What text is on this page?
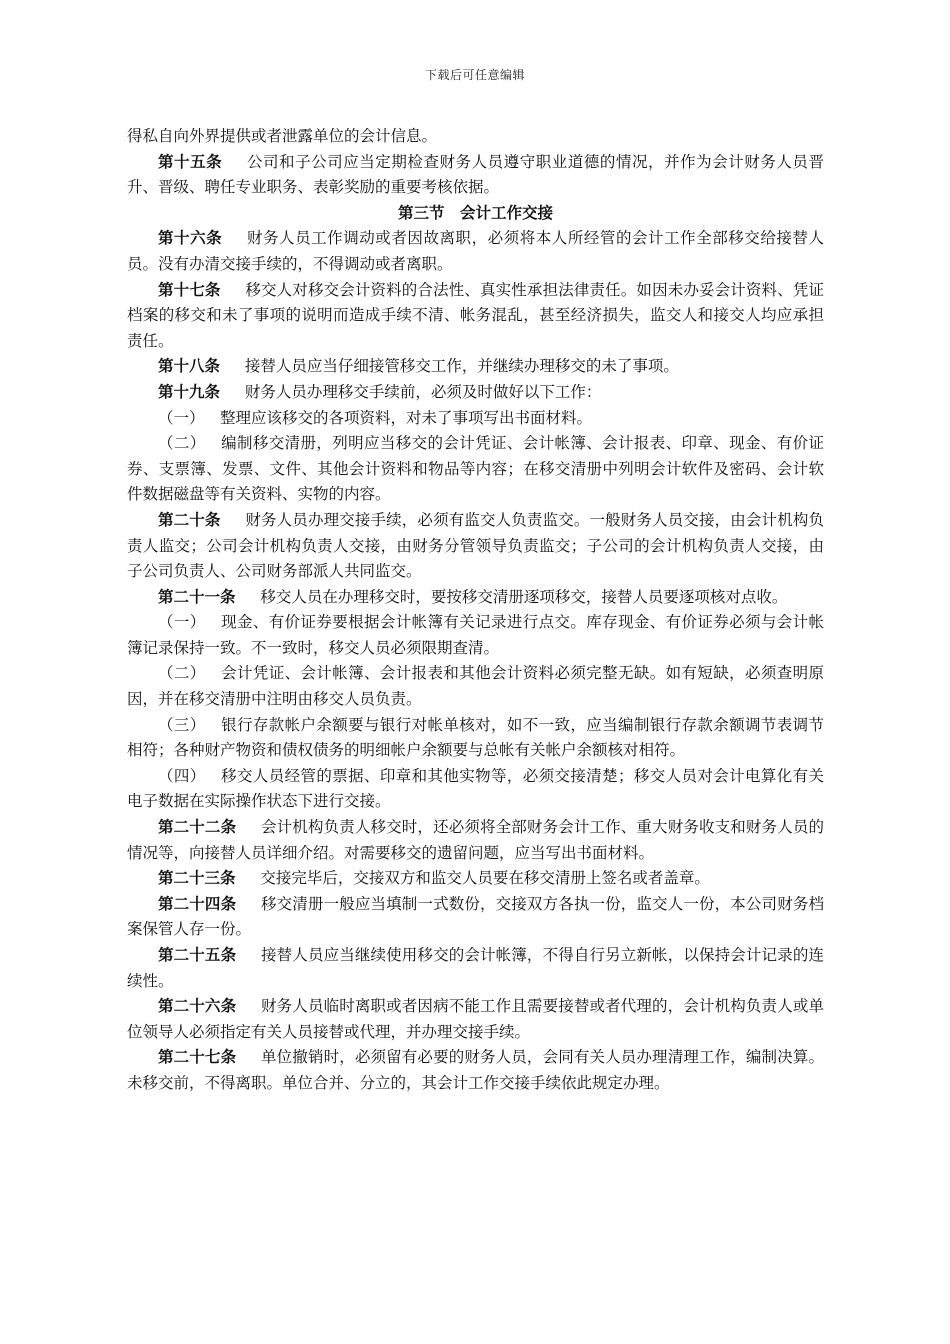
下载后可任意编辑

得私自向外界提供或者泄露单位的会计信息。

第十五条 公司和子公司应当定期检查财务人员遵守职业道德的情况，并作为会计财务人员晋升、晋级、聘任专业职务、表彰奖励的重要考核依据。

第三节　会计工作交接

第十六条 财务人员工作调动或者因故离职，必须将本人所经管的会计工作全部移交给接替人员。没有办清交接手续的，不得调动或者离职。

第十七条 移交人对移交会计资料的合法性、真实性承担法律责任。如因未办妥会计资料、凭证档案的移交和未了事项的说明而造成手续不清、帐务混乱，甚至经济损失，监交人和接交人均应承担责任。

第十八条 接替人员应当仔细接管移交工作，并继续办理移交的未了事项。

第十九条 财务人员办理移交手续前，必须及时做好以下工作：

（一） 整理应该移交的各项资料，对未了事项写出书面材料。

（二） 编制移交清册，列明应当移交的会计凭证、会计帐簿、会计报表、印章、现金、有价证券、支票簿、发票、文件、其他会计资料和物品等内容；在移交清册中列明会计软件及密码、会计软件数据磁盘等有关资料、实物的内容。

第二十条 财务人员办理交接手续，必须有监交人负责监交。一般财务人员交接，由会计机构负责人监交；公司会计机构负责人交接，由财务分管领导负责监交；子公司的会计机构负责人交接，由子公司负责人、公司财务部派人共同监交。

第二十一条 移交人员在办理移交时，要按移交清册逐项移交，接替人员要逐项核对点收。

（一） 现金、有价证券要根据会计帐簿有关记录进行点交。库存现金、有价证券必须与会计帐簿记录保持一致。不一致时，移交人员必须限期查清。

（二） 会计凭证、会计帐簿、会计报表和其他会计资料必须完整无缺。如有短缺，必须查明原因，并在移交清册中注明由移交人员负责。

（三） 银行存款帐户余额要与银行对帐单核对，如不一致，应当编制银行存款余额调节表调节相符；各种财产物资和债权债务的明细帐户余额要与总帐有关帐户余额核对相符。

（四） 移交人员经管的票据、印章和其他实物等，必须交接清楚；移交人员对会计电算化有关电子数据在实际操作状态下进行交接。

第二十二条 会计机构负责人移交时，还必须将全部财务会计工作、重大财务收支和财务人员的情况等，向接替人员详细介绍。对需要移交的遗留问题，应当写出书面材料。

第二十三条 交接完毕后，交接双方和监交人员要在移交清册上签名或者盖章。

第二十四条 移交清册一般应当填制一式数份，交接双方各执一份，监交人一份，本公司财务档案保管人存一份。

第二十五条 接替人员应当继续使用移交的会计帐簿，不得自行另立新帐，以保持会计记录的连续性。

第二十六条 财务人员临时离职或者因病不能工作且需要接替或者代理的，会计机构负责人或单位领导人必须指定有关人员接替或代理，并办理交接手续。

第二十七条 单位撤销时，必须留有必要的财务人员，会同有关人员办理清理工作，编制决算。未移交前，不得离职。单位合并、分立的，其会计工作交接手续依此规定办理。
